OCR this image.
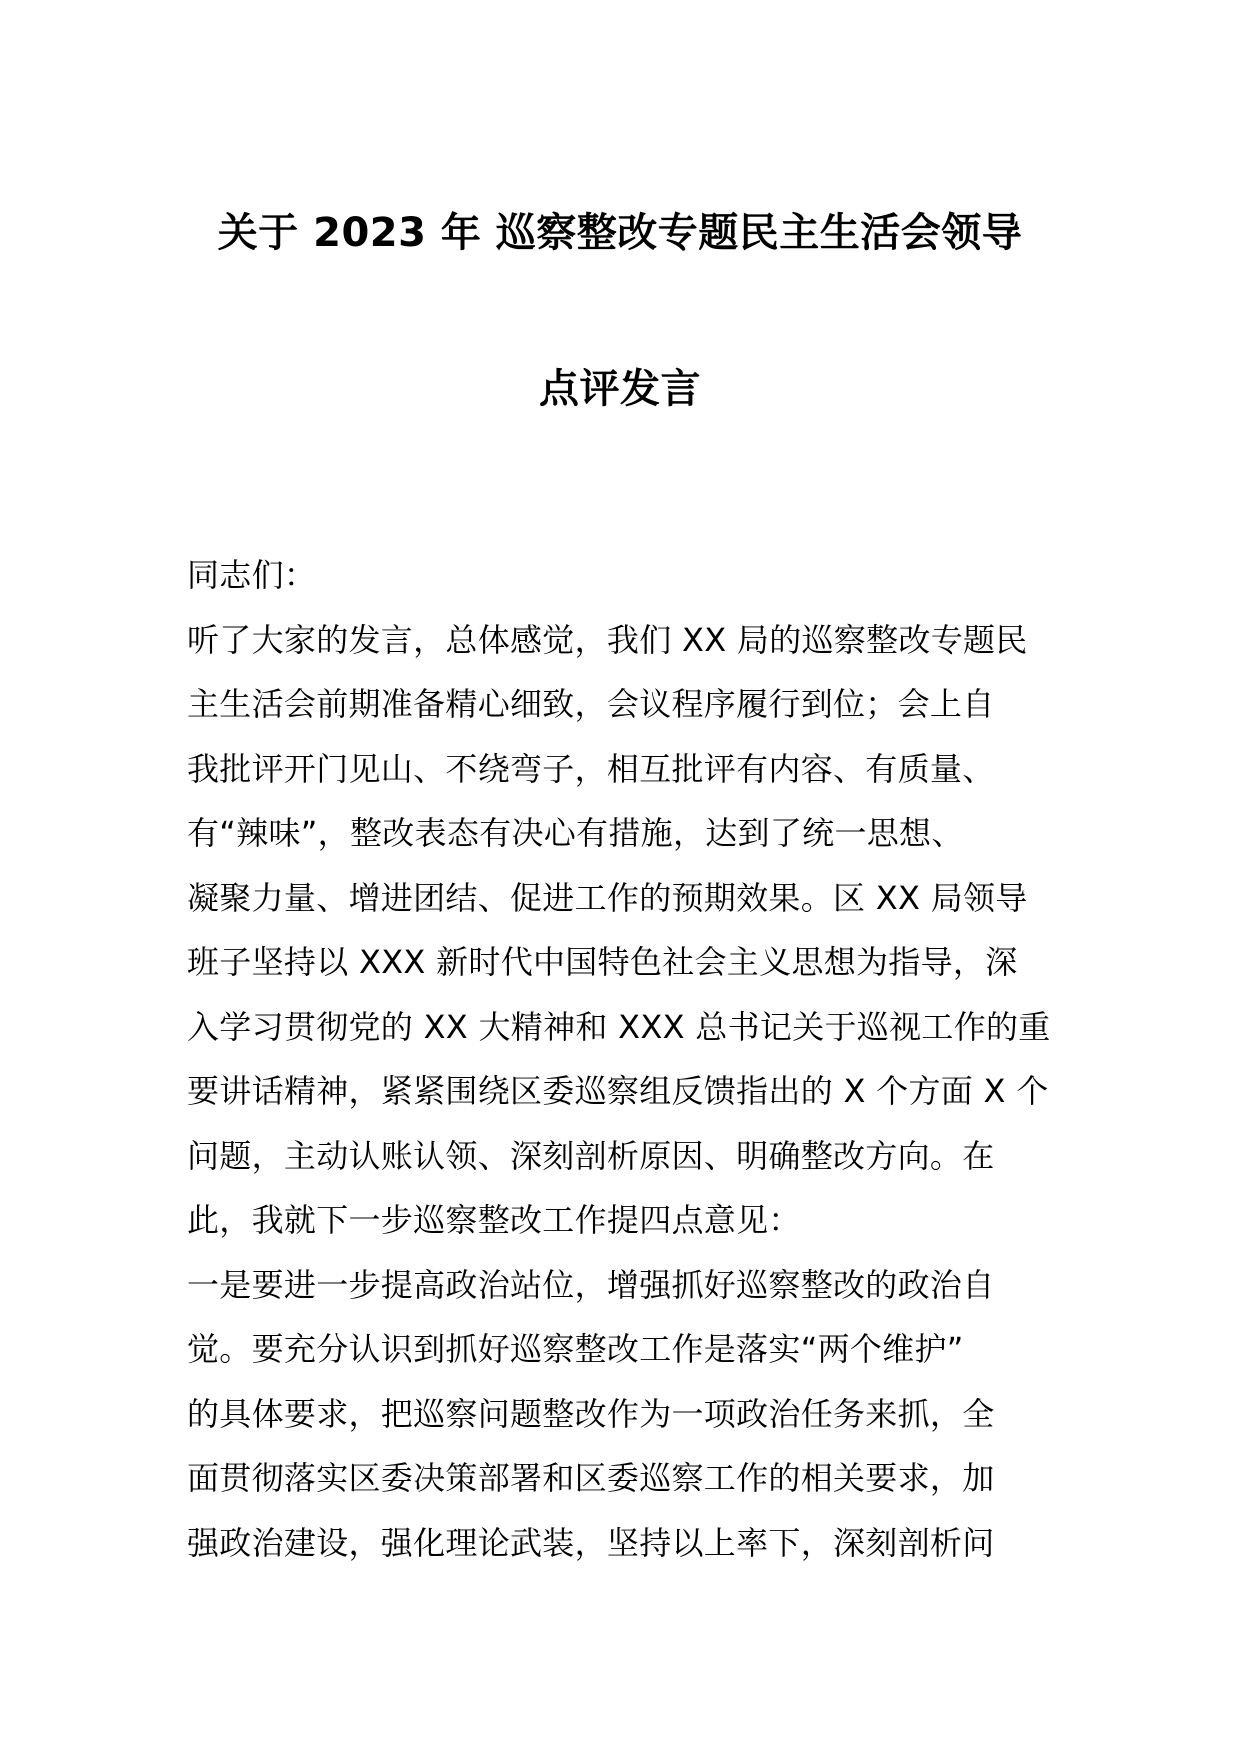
关于 2023 年 巡察整改专题民主生活会领导
点评发言
同志们：
听了大家的发言，总体感觉，我们 XX 局的巡察整改专题民
主生活会前期准备精心细致，会议程序履行到位；会上自
我批评开门见山、不绕弯子，相互批评有内容、有质量、
有“辣味”，整改表态有决心有措施，达到了统一思想、
凝聚力量、增进团结、促进工作的预期效果。区 XX 局领导
班子坚持以 XXX 新时代中国特色社会主义思想为指导，深
入学习贯彻党的 XX 大精神和 XXX 总书记关于巡视工作的重
要讲话精神，紧紧围绕区委巡察组反馈指出的 X 个方面 X 个
问题，主动认账认领、深刻剖析原因、明确整改方向。在
此，我就下一步巡察整改工作提四点意见：
一是要进一步提高政治站位，增强抓好巡察整改的政治自
觉。要充分认识到抓好巡察整改工作是落实“两个维护”
的具体要求，把巡察问题整改作为一项政治任务来抓，全
面贯彻落实区委决策部署和区委巡察工作的相关要求，加
强政治建设，强化理论武装，坚持以上率下，深刻剖析问
